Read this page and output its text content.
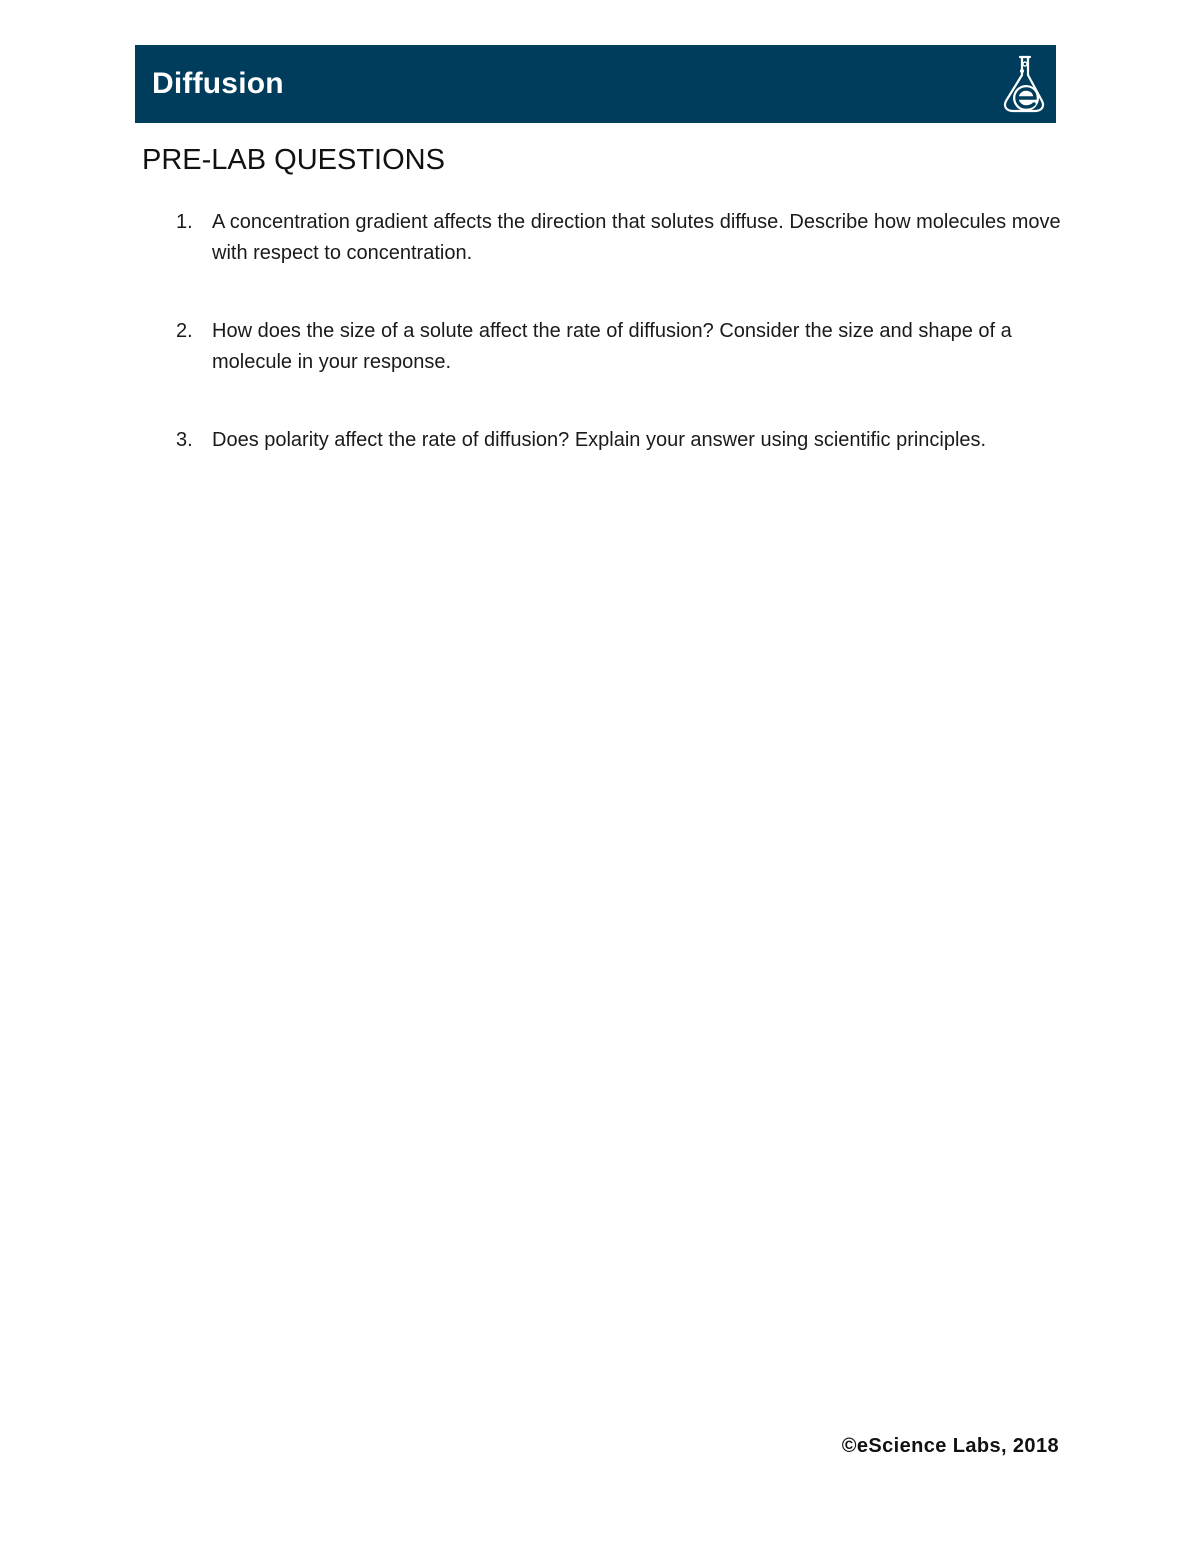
Diffusion
PRE-LAB QUESTIONS
1. A concentration gradient affects the direction that solutes diffuse. Describe how molecules move with respect to concentration.
2. How does the size of a solute affect the rate of diffusion? Consider the size and shape of a molecule in your response.
3. Does polarity affect the rate of diffusion? Explain your answer using scientific principles.
©eScience Labs, 2018
